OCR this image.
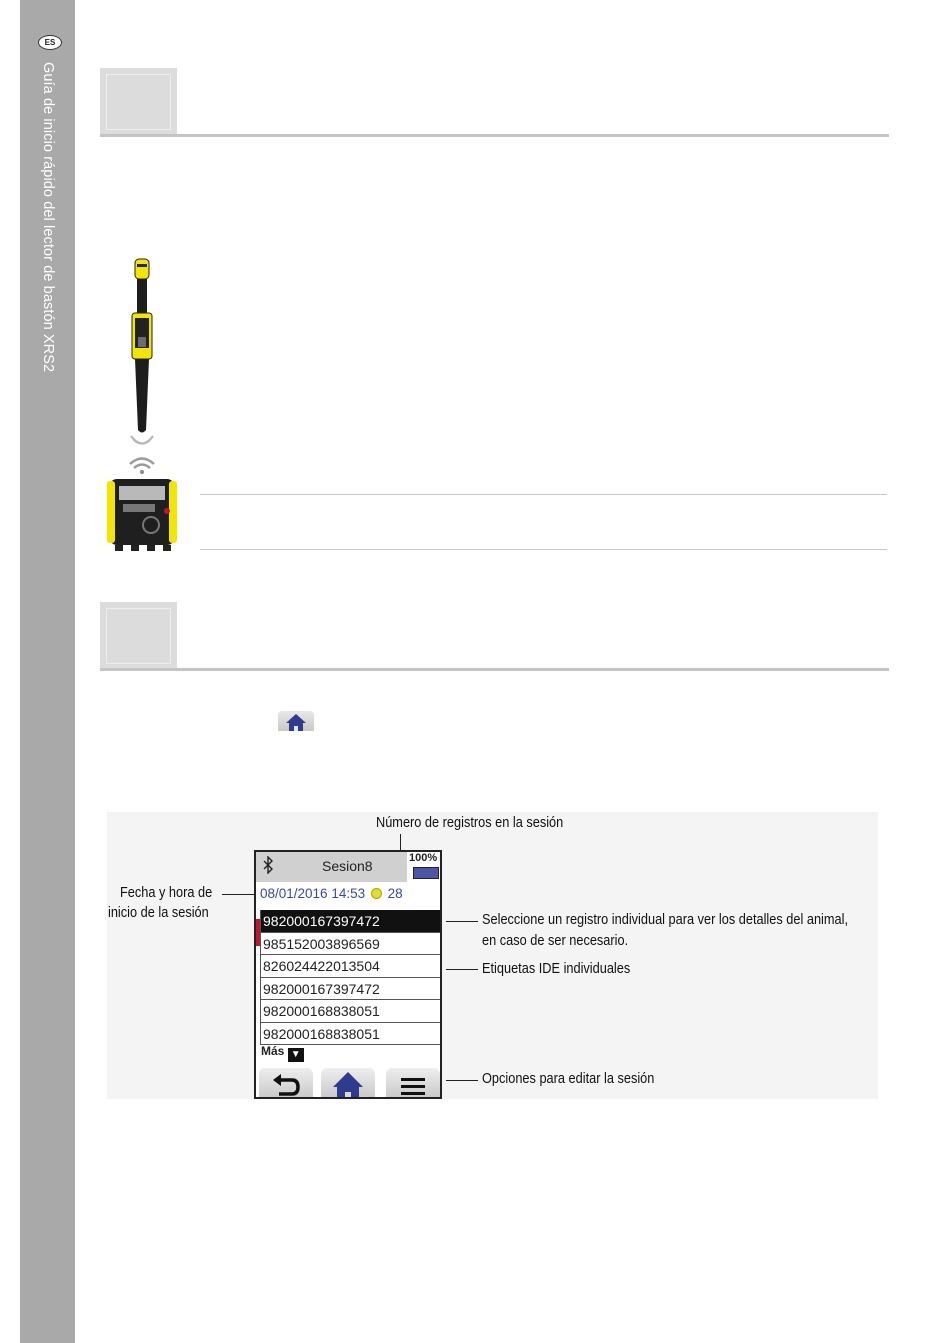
ES
Guía de inicio rápido del lector de bastón XRS2
Número de registros en la sesión
Fecha y hora de
inicio de la sesión	Seleccione un registro individual para ver los detalles del animal,
en caso de ser necesario.
Etiquetas IDE individuales
Opciones para editar la sesión
Sesion8	100%
08/01/2016 14:53 28
982000167397472
985152003896569
826024422013504
982000167397472
982000168838051
982000168838051
Más ▼
